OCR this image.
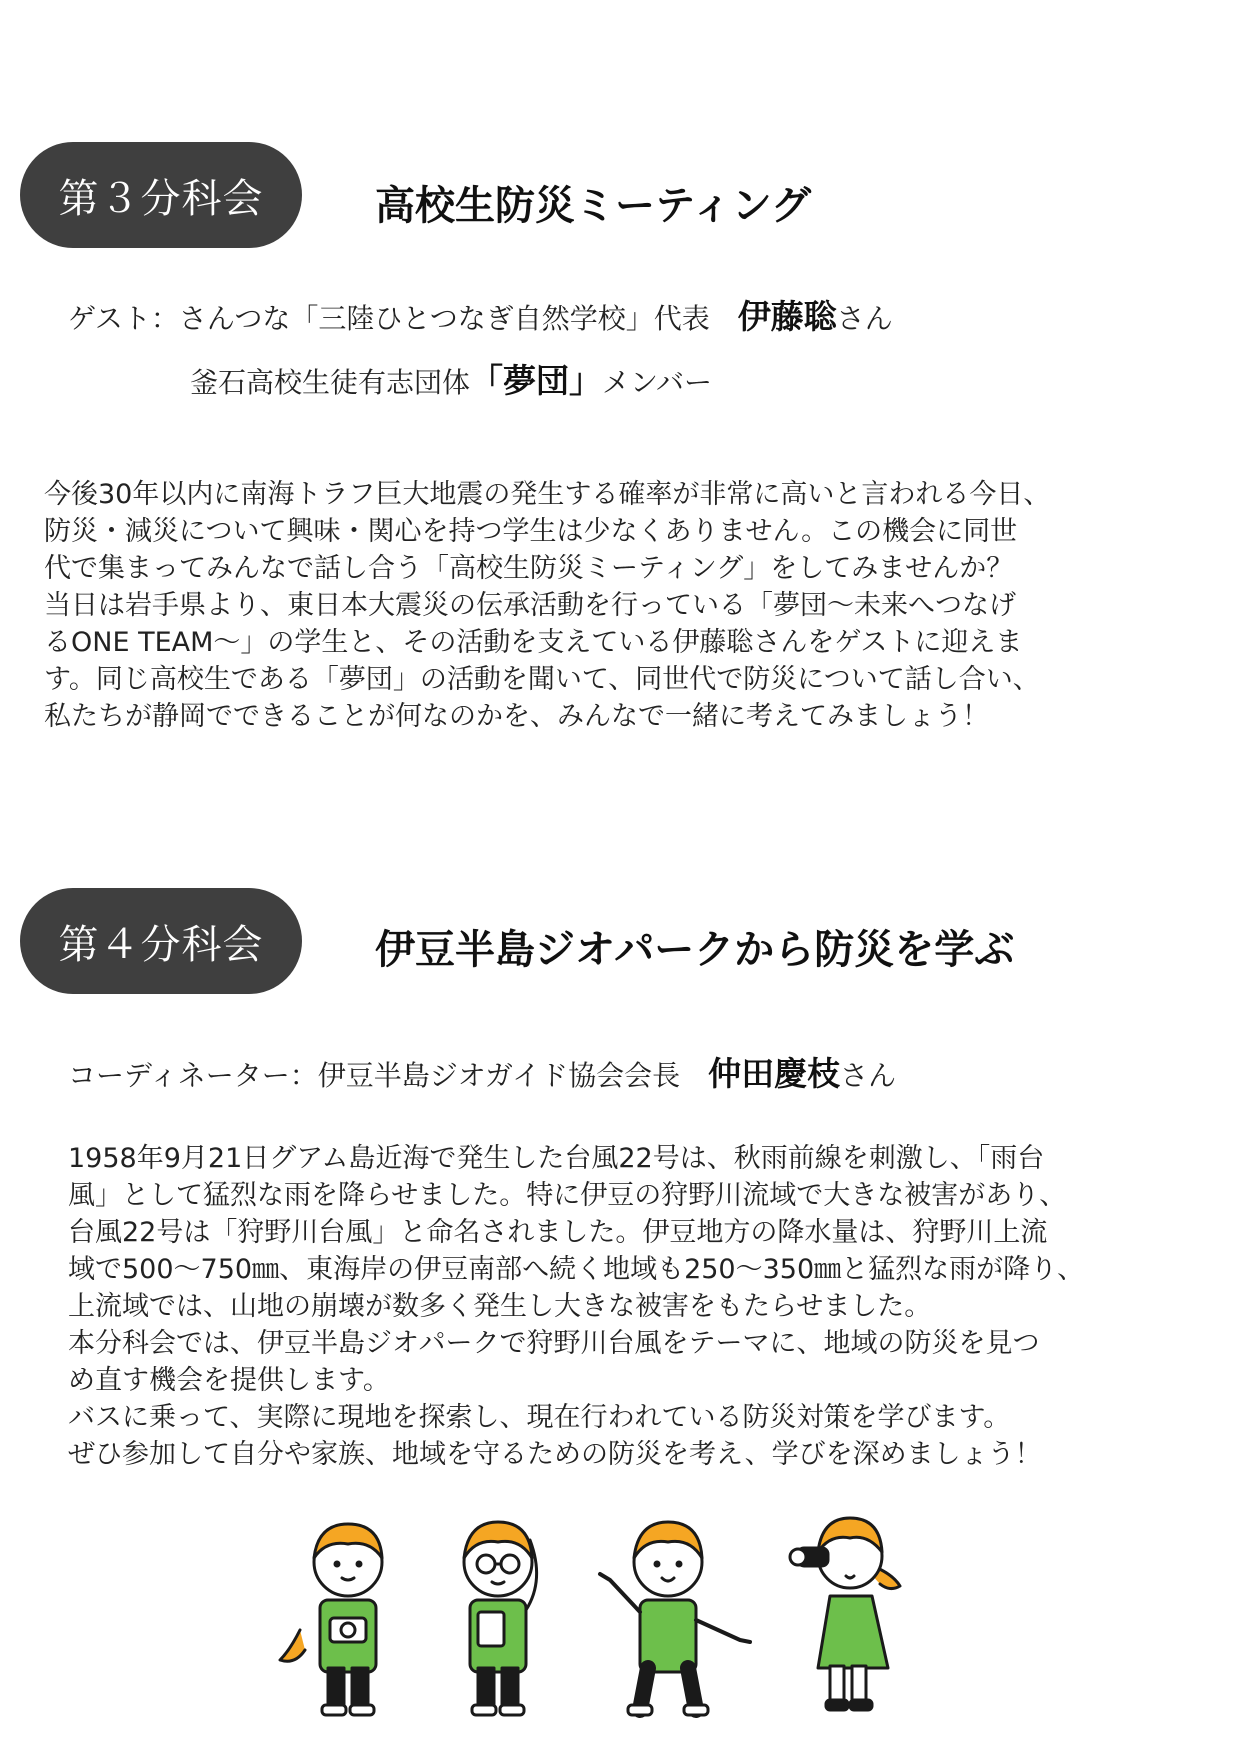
第３分科会	高校生防災ミーティング
ゲスト：さんつな「三陸ひとつなぎ自然学校」代表　伊藤聡さん
釜石高校生徒有志団体「夢団」メンバー

今後30年以内に南海トラフ巨大地震の発生する確率が非常に高いと言われる今日、

防災・減災について興味・関心を持つ学生は少なくありません。この機会に同世

代で集まってみんなで話し合う「高校生防災ミーティング」をしてみませんか？

当日は岩手県より、東日本大震災の伝承活動を行っている「夢団～未来へつなげ

るONE TEAM～」の学生と、その活動を支えている伊藤聡さんをゲストに迎えま

す。同じ高校生である「夢団」の活動を聞いて、同世代で防災について話し合い、

私たちが静岡でできることが何なのかを、みんなで一緒に考えてみましょう！

第４分科会	伊豆半島ジオパークから防災を学ぶ
コーディネーター：伊豆半島ジオガイド協会会長　仲田慶枝さん

1958年9月21日グアム島近海で発生した台風22号は、秋雨前線を刺激し、「雨台

風」として猛烈な雨を降らせました。特に伊豆の狩野川流域で大きな被害があり、

台風22号は「狩野川台風」と命名されました。伊豆地方の降水量は、狩野川上流

域で500～750㎜、東海岸の伊豆南部へ続く地域も250～350㎜と猛烈な雨が降り、

上流域では、山地の崩壊が数多く発生し大きな被害をもたらせました。

本分科会では、伊豆半島ジオパークで狩野川台風をテーマに、地域の防災を見つ

め直す機会を提供します。

バスに乗って、実際に現地を探索し、現在行われている防災対策を学びます。

ぜひ参加して自分や家族、地域を守るための防災を考え、学びを深めましょう！
